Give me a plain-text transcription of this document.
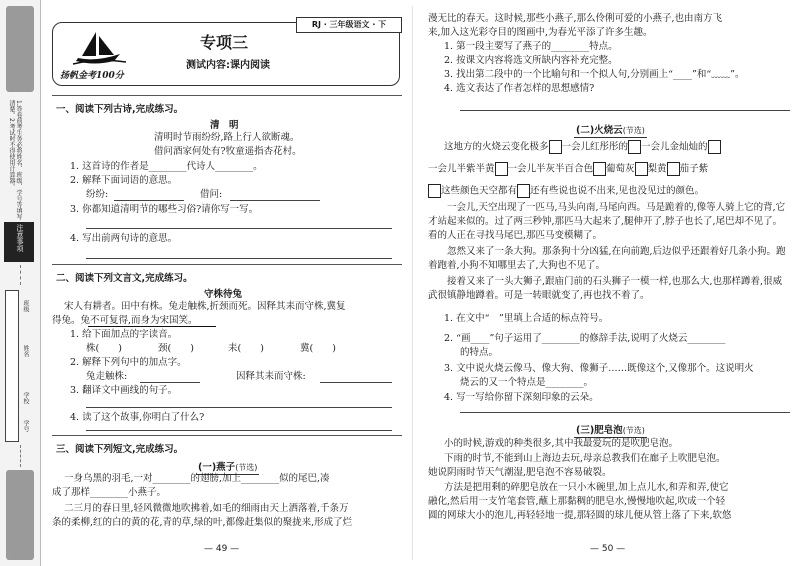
1.答卷前考生务必将姓名、班级、学号等填写清楚。2.考试时不得使用计算器。
注意事项
班级
姓名
学校
学号
RJ · 三年级语文 · 下
扬帆金考100分
专项三
测试内容:课内阅读
一、阅读下列古诗,完成练习。
清　明
清明时节雨纷纷,路上行人欲断魂。
借问酒家何处有?牧童遥指杏花村。
1. 这首诗的作者是________代诗人________。
2. 解释下面词语的意思。
纷纷:	借问:
3. 你都知道清明节的哪些习俗?请你写一写。
4. 写出前两句诗的意思。
二、阅读下列文言文,完成练习。
守株待兔
宋人有耕者。田中有株。兔走触株,折颈而死。因释其耒而守株,冀复
得兔。兔不可复得,而身为宋国笑。
1. 给下面加点的字读音。
株(　　)	颈(　　)	耒(　　)	冀(　　)
2. 解释下列句中的加点字。
兔走触株:	因释其耒而守株:
3. 翻译文中画线的句子。
4. 读了这个故事,你明白了什么?
三、阅读下列短文,完成练习。
(一)燕子(节选)
一身乌黑的羽毛,一对________的翅膀,加上________似的尾巴,凑
成了那样________小燕子。
二三月的春日里,轻风微微地吹拂着,如毛的细雨由天上洒落着,千条万
条的柔柳,红的白的黄的花,青的草,绿的叶,都像赶集似的聚拢来,形成了烂
— 49 —
漫无比的春天。这时候,那些小燕子,那么伶俐可爱的小燕子,也由南方飞
来,加入这光彩夺目的图画中,为春光平添了许多生趣。
1. 第一段主要写了燕子的________特点。
2. 按课文内容将选文所缺内容补充完整。
3. 找出第二段中的一个比喻句和一个拟人句,分别画上“____”和“﹏﹏”。
4. 选文表达了作者怎样的思想感情?
(二)火烧云(节选)
这地方的火烧云变化极多 一会儿红彤彤的 一会儿金灿灿的
一会儿半紫半黄 一会儿半灰半百合色 葡萄灰 梨黄 茄子紫
这些颜色天空都有 还有些说也说不出来,见也没见过的颜色。
一会儿,天空出现了一匹马,马头向南,马尾向西。马是跪着的,像等人骑上它的背,它才站起来似的。过了两三秒钟,那匹马大起来了,腿伸开了,脖子也长了,尾巴却不见了。看的人正在寻找马尾巴,那匹马变模糊了。
忽然又来了一条大狗。那条狗十分凶猛,在向前跑,后边似乎还跟着好几条小狗。跑着跑着,小狗不知哪里去了,大狗也不见了。
接着又来了一头大狮子,跟庙门前的石头狮子一模一样,也那么大,也那样蹲着,很威武很镇静地蹲着。可是一转眼就变了,再也找不着了。
1. 在文中“　”里填上合适的标点符号。
2. “画____”句子运用了________的修辞手法,说明了火烧云________
的特点。
3. 文中说火烧云像马、像大狗、像狮子……既像这个,又像那个。这说明火
烧云的又一个特点是________。
4. 写一写给你留下深刻印象的云朵。
(三)肥皂泡(节选)
小的时候,游戏的种类很多,其中我最爱玩的是吹肥皂泡。
下雨的时节,不能到山上海边去玩,母亲总教我们在廊子上吹肥皂泡。
她说阴雨时节天气潮湿,肥皂泡不容易破裂。
方法是把用剩的碎肥皂放在一只小木碗里,加上点儿水,和弄和弄,使它
融化,然后用一支竹笔套管,蘸上那黏稠的肥皂水,慢慢地吹起,吹成一个轻
圆的网球大小的泡儿,再轻轻地一提,那轻圆的球儿便从管上落了下来,软悠
— 50 —
